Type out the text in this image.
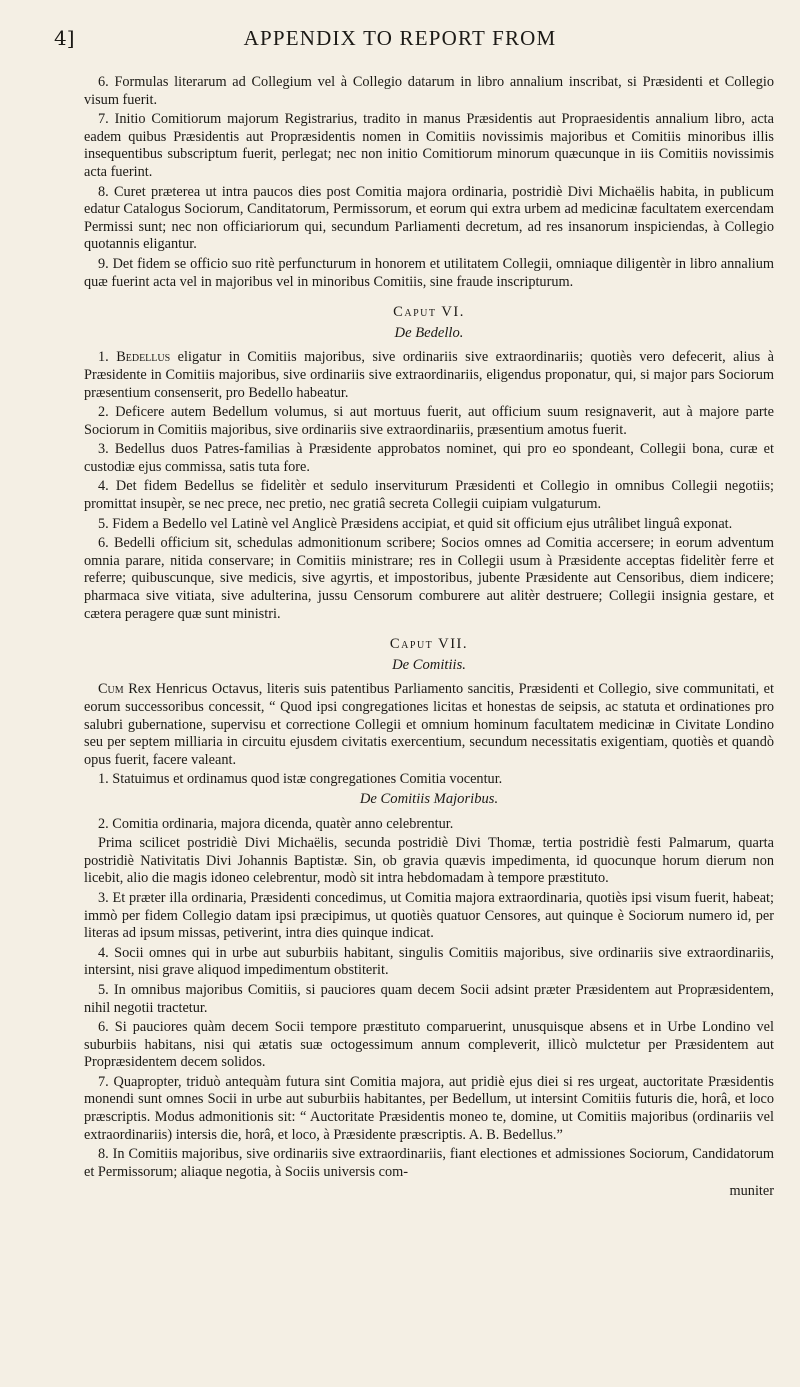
4]	APPENDIX TO REPORT FROM

6. Formulas literarum ad Collegium vel à Collegio datarum in libro annalium inscribat, si Præsidenti et Collegio visum fuerit.

7. Initio Comitiorum majorum Registrarius, tradito in manus Præsidentis aut Propraesidentis annalium libro, acta eadem quibus Præsidentis aut Propræsidentis nomen in Comitiis novissimis majoribus et Comitiis minoribus illis insequentibus subscriptum fuerit, perlegat; nec non initio Comitiorum minorum quæcunque in iis Comitiis novissimis acta fuerint.

8. Curet præterea ut intra paucos dies post Comitia majora ordinaria, postridiè Divi Michaëlis habita, in publicum edatur Catalogus Sociorum, Canditatorum, Permissorum, et eorum qui extra urbem ad medicinæ facultatem exercendam Permissi sunt; nec non officiariorum qui, secundum Parliamenti decretum, ad res insanorum inspiciendas, à Collegio quotannis eligantur.

9. Det fidem se officio suo ritè perfuncturum in honorem et utilitatem Collegii, omniaque diligentèr in libro annalium quæ fuerint acta vel in majoribus vel in minoribus Comitiis, sine fraude inscripturum.

Caput VI.
De Bedello.

1. Bedellus eligatur in Comitiis majoribus, sive ordinariis sive extraordinariis; quotiès vero defecerit, alius à Præsidente in Comitiis majoribus, sive ordinariis sive extraordinariis, eligendus proponatur, qui, si major pars Sociorum præsentium consenserit, pro Bedello habeatur.

2. Deficere autem Bedellum volumus, si aut mortuus fuerit, aut officium suum resignaverit, aut à majore parte Sociorum in Comitiis majoribus, sive ordinariis sive extraordinariis, præsentium amotus fuerit.

3. Bedellus duos Patres-familias à Præsidente approbatos nominet, qui pro eo spondeant, Collegii bona, curæ et custodiæ ejus commissa, satis tuta fore.

4. Det fidem Bedellus se fidelitèr et sedulo inserviturum Præsidenti et Collegio in omnibus Collegii negotiis; promittat insupèr, se nec prece, nec pretio, nec gratiâ secreta Collegii cuipiam vulgaturum.

5. Fidem a Bedello vel Latinè vel Anglicè Præsidens accipiat, et quid sit officium ejus utrâlibet linguâ exponat.

6. Bedelli officium sit, schedulas admonitionum scribere; Socios omnes ad Comitia accersere; in eorum adventum omnia parare, nitida conservare; in Comitiis ministrare; res in Collegii usum à Præsidente acceptas fidelitèr ferre et referre; quibuscunque, sive medicis, sive agyrtis, et impostoribus, jubente Præsidente aut Censoribus, diem indicere; pharmaca sive vitiata, sive adulterina, jussu Censorum comburere aut alitèr destruere; Collegii insignia gestare, et cætera peragere quæ sunt ministri.

Caput VII.
De Comitiis.

Cum Rex Henricus Octavus, literis suis patentibus Parliamento sancitis, Præsidenti et Collegio, sive communitati, et eorum successoribus concessit, “ Quod ipsi congregationes licitas et honestas de seipsis, ac statuta et ordinationes pro salubri gubernatione, supervisu et correctione Collegii et omnium hominum facultatem medicinæ in Civitate Londino seu per septem milliaria in circuitu ejusdem civitatis exercentium, secundum necessitatis exigentiam, quotiès et quandò opus fuerit, facere valeant.

1. Statuimus et ordinamus quod istæ congregationes Comitia vocentur.

De Comitiis Majoribus.

2. Comitia ordinaria, majora dicenda, quatèr anno celebrentur.

Prima scilicet postridiè Divi Michaëlis, secunda postridiè Divi Thomæ, tertia postridiè festi Palmarum, quarta postridiè Nativitatis Divi Johannis Baptistæ. Sin, ob gravia quævis impedimenta, id quocunque horum dierum non licebit, alio die magis idoneo celebrentur, modò sit intra hebdomadam à tempore præstituto.

3. Et præter illa ordinaria, Præsidenti concedimus, ut Comitia majora extraordinaria, quotiès ipsi visum fuerit, habeat; immò per fidem Collegio datam ipsi præcipimus, ut quotiès quatuor Censores, aut quinque è Sociorum numero id, per literas ad ipsum missas, petiverint, intra dies quinque indicat.

4. Socii omnes qui in urbe aut suburbiis habitant, singulis Comitiis majoribus, sive ordinariis sive extraordinariis, intersint, nisi grave aliquod impedimentum obstiterit.

5. In omnibus majoribus Comitiis, si pauciores quam decem Socii adsint præter Præsidentem aut Propræsidentem, nihil negotii tractetur.

6. Si pauciores quàm decem Socii tempore præstituto comparuerint, unusquisque absens et in Urbe Londino vel suburbiis habitans, nisi qui ætatis suæ octogessimum annum compleverit, illicò mulctetur per Præsidentem aut Propræsidentem decem solidos.

7. Quapropter, triduò antequàm futura sint Comitia majora, aut pridiè ejus diei si res urgeat, auctoritate Præsidentis monendi sunt omnes Socii in urbe aut suburbiis habitantes, per Bedellum, ut intersint Comitiis futuris die, horâ, et loco præscriptis. Modus admonitionis sit: “ Auctoritate Præsidentis moneo te, domine, ut Comitiis majoribus (ordinariis vel extraordinariis) intersis die, horâ, et loco, à Præsidente præscriptis. A. B. Bedellus.”

8. In Comitiis majoribus, sive ordinariis sive extraordinariis, fiant electiones et admissiones Sociorum, Candidatorum et Permissorum; aliaque negotia, à Sociis universis com-

muniter
